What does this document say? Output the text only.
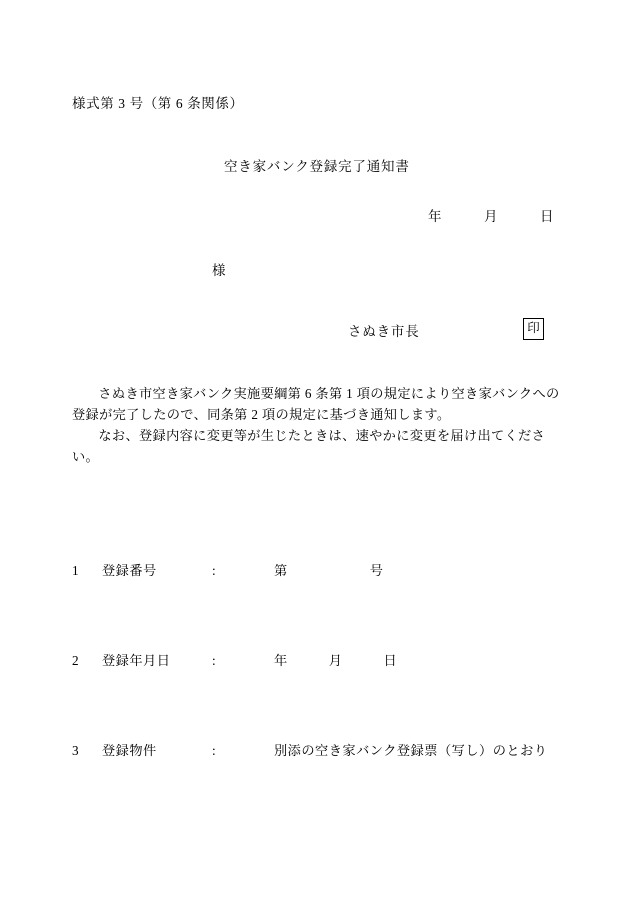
様式第 3 号（第 6 条関係）
空き家バンク登録完了通知書
年　　　月　　　日
様
さぬき市長	印

さぬき市空き家バンク実施要綱第 6 条第 1 項の規定により空き家バンクへの登録が完了したので、同条第 2 項の規定に基づき通知します。

なお、登録内容に変更等が生じたときは、速やかに変更を届け出てください。

1	登録番号	:	第　　　　　　号

2	登録年月日	:	年　　　月　　　日

3	登録物件	:	別添の空き家バンク登録票（写し）のとおり
